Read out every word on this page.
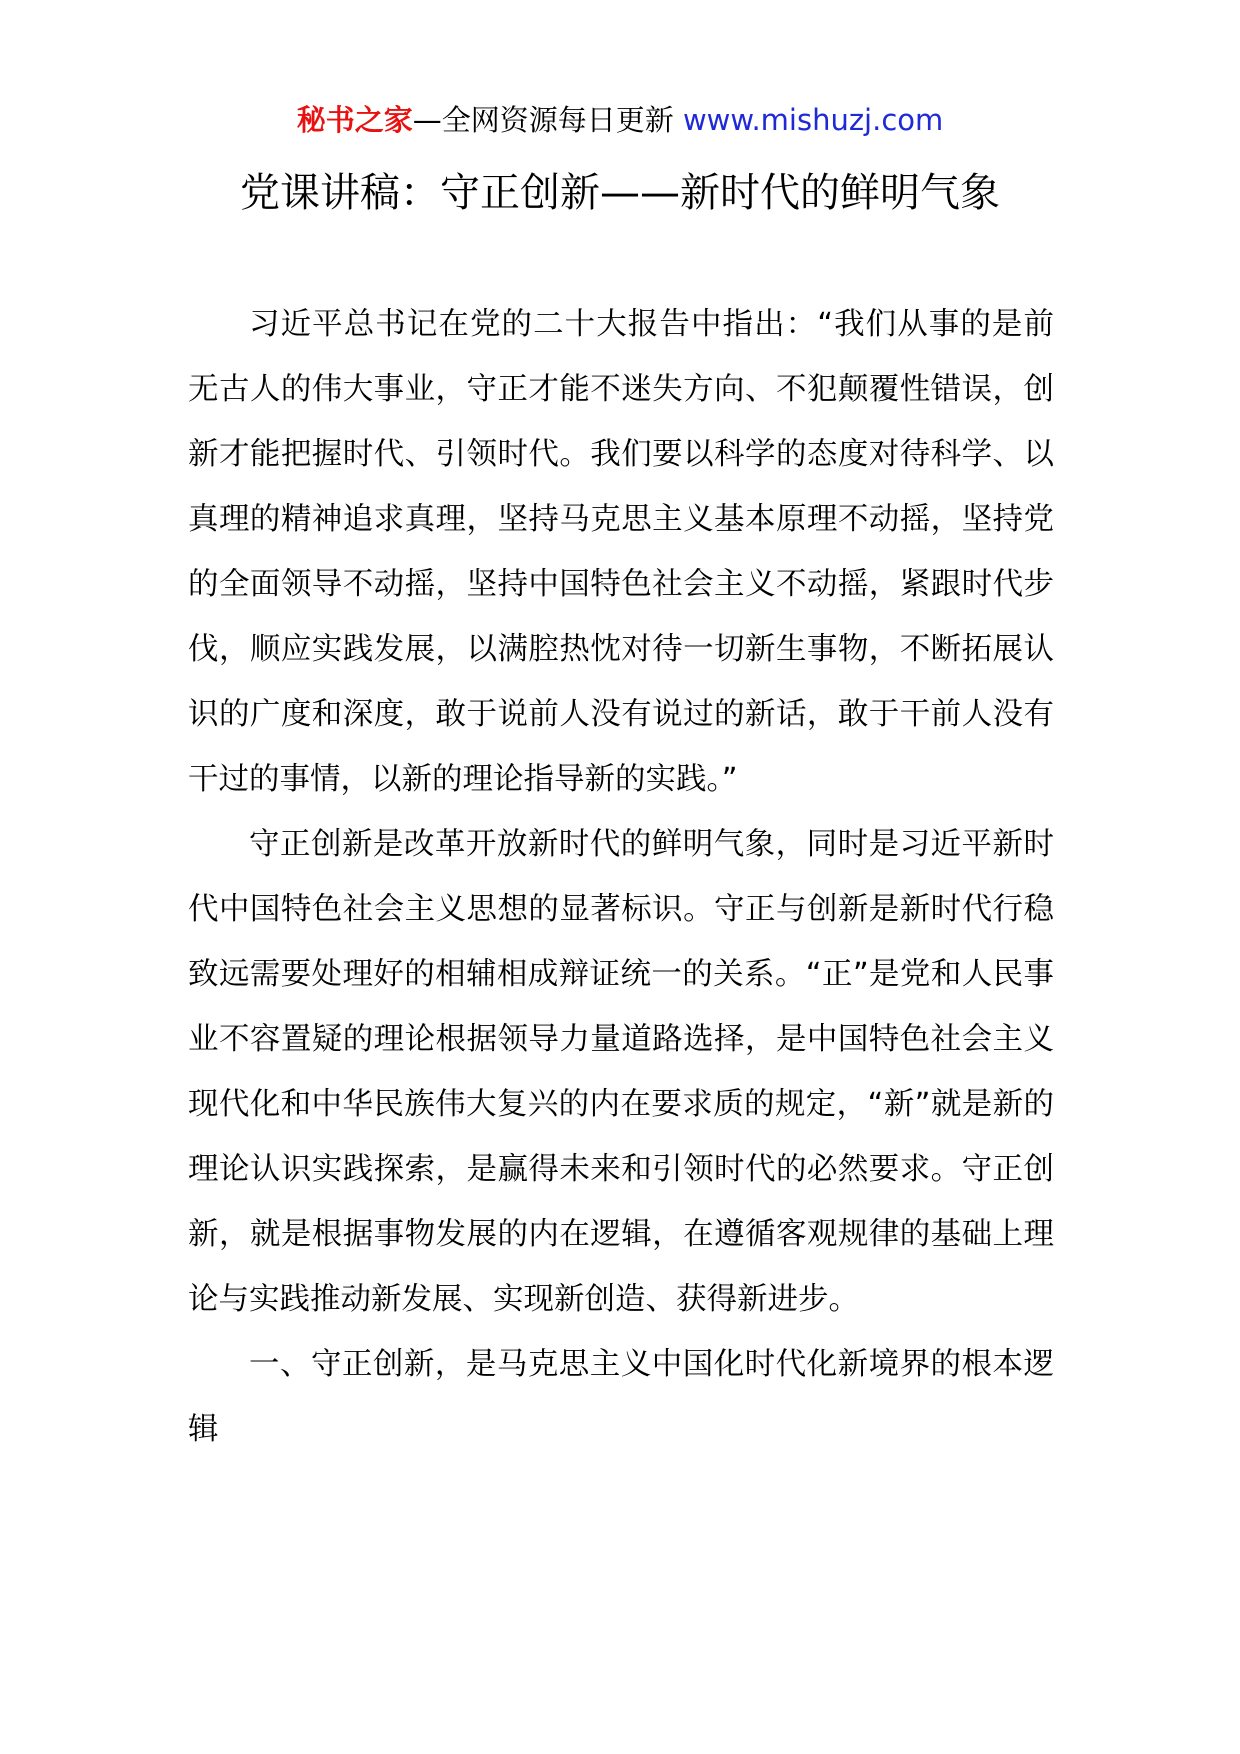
秘书之家—全网资源每日更新 www.mishuzj.com
党课讲稿：守正创新——新时代的鲜明气象

习近平总书记在党的二十大报告中指出：“我们从事的是前无古人的伟大事业，守正才能不迷失方向、不犯颠覆性错误，创新才能把握时代、引领时代。我们要以科学的态度对待科学、以真理的精神追求真理，坚持马克思主义基本原理不动摇，坚持党的全面领导不动摇，坚持中国特色社会主义不动摇，紧跟时代步伐，顺应实践发展，以满腔热忱对待一切新生事物，不断拓展认识的广度和深度，敢于说前人没有说过的新话，敢于干前人没有干过的事情，以新的理论指导新的实践。”

守正创新是改革开放新时代的鲜明气象，同时是习近平新时代中国特色社会主义思想的显著标识。守正与创新是新时代行稳致远需要处理好的相辅相成辩证统一的关系。“正”是党和人民事业不容置疑的理论根据领导力量道路选择，是中国特色社会主义现代化和中华民族伟大复兴的内在要求质的规定，“新”就是新的理论认识实践探索，是赢得未来和引领时代的必然要求。守正创新，就是根据事物发展的内在逻辑，在遵循客观规律的基础上理论与实践推动新发展、实现新创造、获得新进步。

一、守正创新，是马克思主义中国化时代化新境界的根本逻辑
